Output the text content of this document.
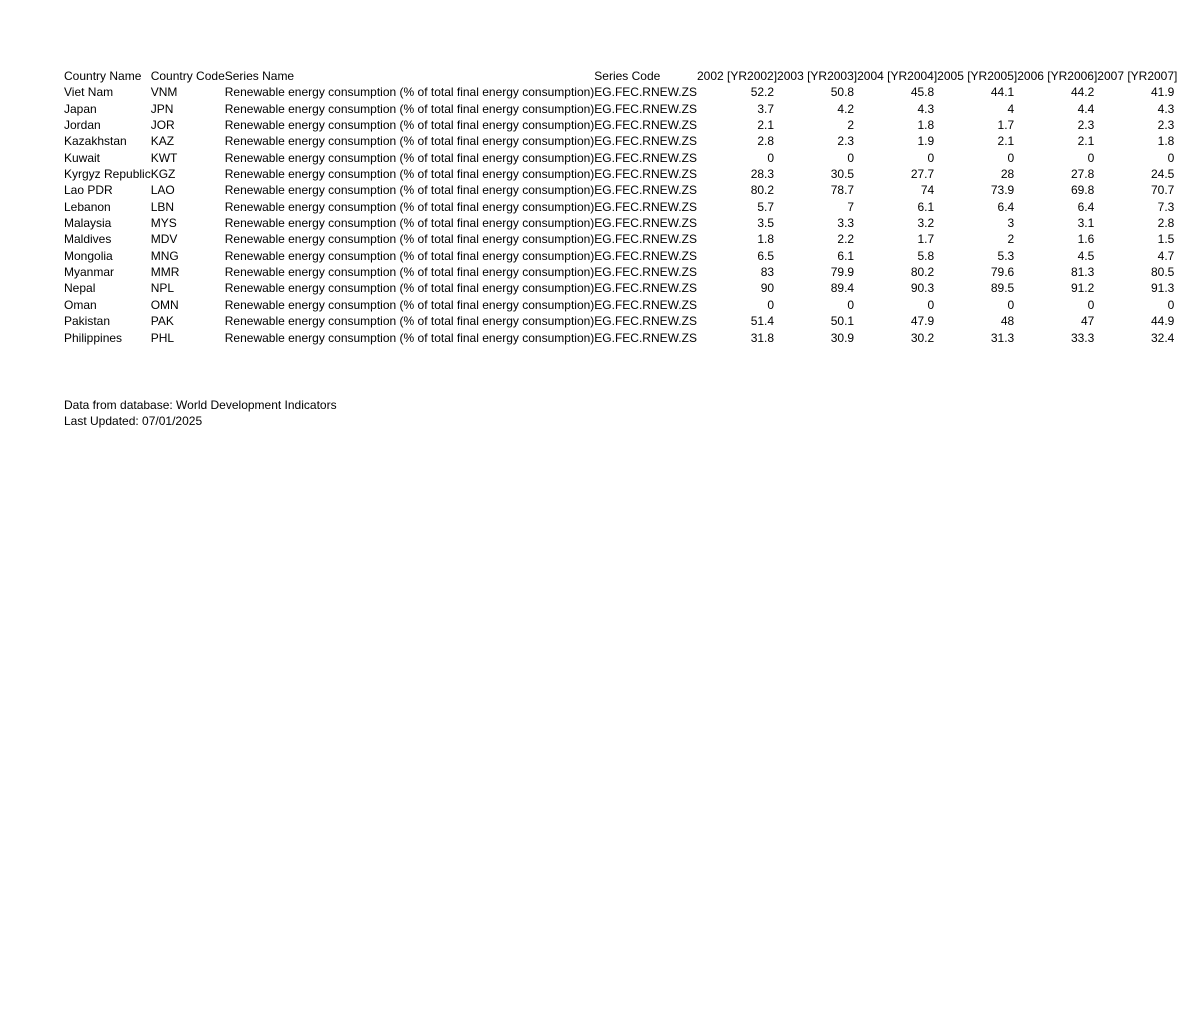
Country Name	Country Code	Series Name	Series Code	2002 [YR2002]	2003 [YR2003]	2004 [YR2004]	2005 [YR2005]	2006 [YR2006]	2007 [YR2007]
Viet Nam	VNM	Renewable energy consumption (% of total final energy consumption)	EG.FEC.RNEW.ZS	52.2	50.8	45.8	44.1	44.2	41.9
Japan	JPN	Renewable energy consumption (% of total final energy consumption)	EG.FEC.RNEW.ZS	3.7	4.2	4.3	4	4.4	4.3
Jordan	JOR	Renewable energy consumption (% of total final energy consumption)	EG.FEC.RNEW.ZS	2.1	2	1.8	1.7	2.3	2.3
Kazakhstan	KAZ	Renewable energy consumption (% of total final energy consumption)	EG.FEC.RNEW.ZS	2.8	2.3	1.9	2.1	2.1	1.8
Kuwait	KWT	Renewable energy consumption (% of total final energy consumption)	EG.FEC.RNEW.ZS	0	0	0	0	0	0
Kyrgyz Republic	KGZ	Renewable energy consumption (% of total final energy consumption)	EG.FEC.RNEW.ZS	28.3	30.5	27.7	28	27.8	24.5
Lao PDR	LAO	Renewable energy consumption (% of total final energy consumption)	EG.FEC.RNEW.ZS	80.2	78.7	74	73.9	69.8	70.7
Lebanon	LBN	Renewable energy consumption (% of total final energy consumption)	EG.FEC.RNEW.ZS	5.7	7	6.1	6.4	6.4	7.3
Malaysia	MYS	Renewable energy consumption (% of total final energy consumption)	EG.FEC.RNEW.ZS	3.5	3.3	3.2	3	3.1	2.8
Maldives	MDV	Renewable energy consumption (% of total final energy consumption)	EG.FEC.RNEW.ZS	1.8	2.2	1.7	2	1.6	1.5
Mongolia	MNG	Renewable energy consumption (% of total final energy consumption)	EG.FEC.RNEW.ZS	6.5	6.1	5.8	5.3	4.5	4.7
Myanmar	MMR	Renewable energy consumption (% of total final energy consumption)	EG.FEC.RNEW.ZS	83	79.9	80.2	79.6	81.3	80.5
Nepal	NPL	Renewable energy consumption (% of total final energy consumption)	EG.FEC.RNEW.ZS	90	89.4	90.3	89.5	91.2	91.3
Oman	OMN	Renewable energy consumption (% of total final energy consumption)	EG.FEC.RNEW.ZS	0	0	0	0	0	0
Pakistan	PAK	Renewable energy consumption (% of total final energy consumption)	EG.FEC.RNEW.ZS	51.4	50.1	47.9	48	47	44.9
Philippines	PHL	Renewable energy consumption (% of total final energy consumption)	EG.FEC.RNEW.ZS	31.8	30.9	30.2	31.3	33.3	32.4
Data from database: World Development Indicators
Last Updated: 07/01/2025
